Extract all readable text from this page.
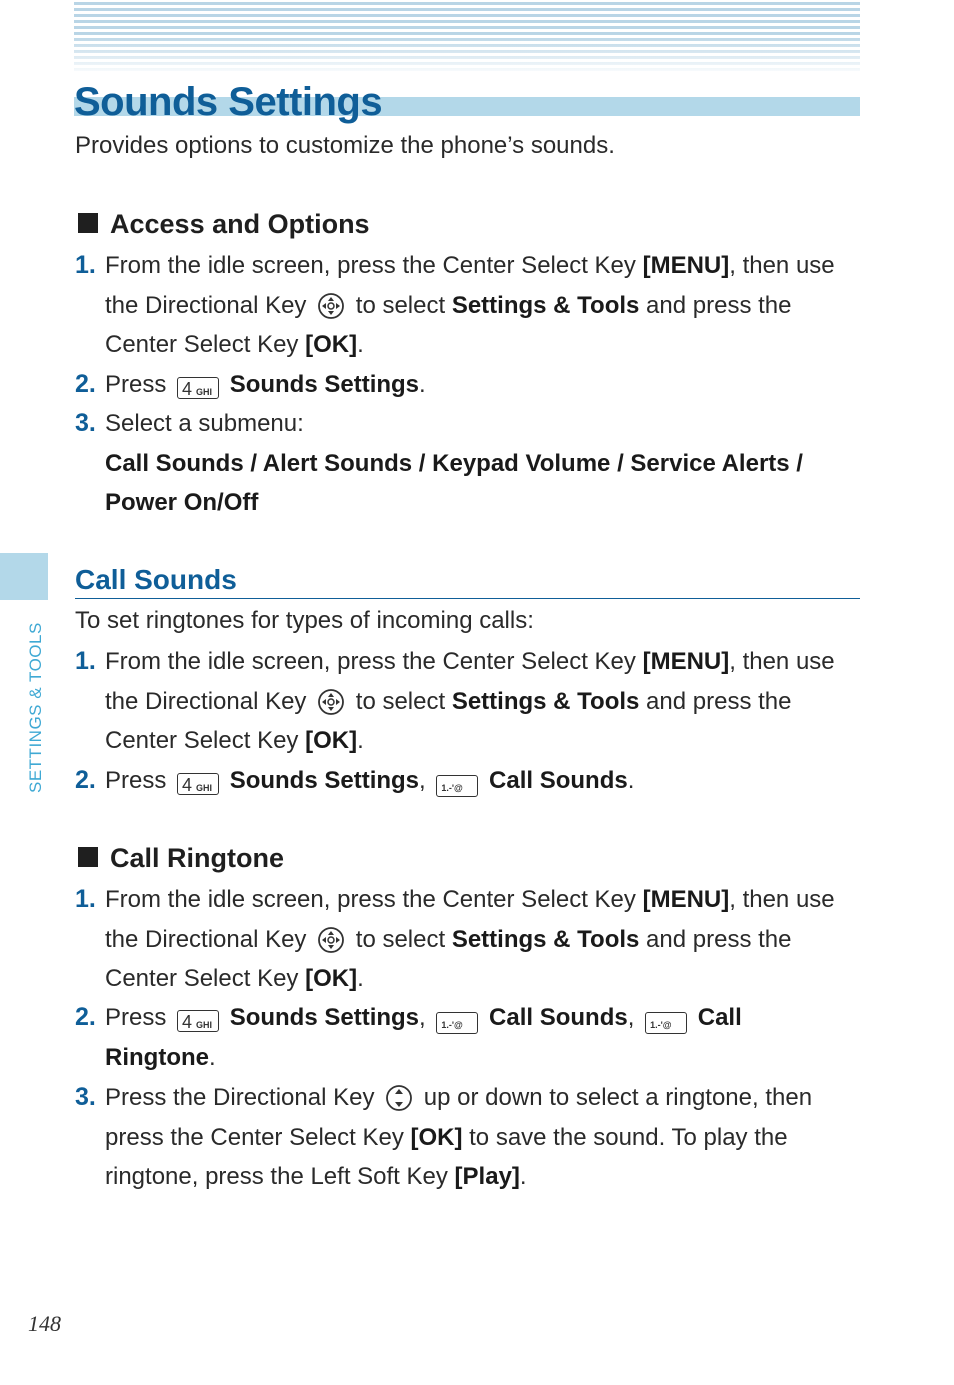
Sounds Settings

Provides options to customize the phone’s sounds.

Access and Options
1. From the idle screen, press the Center Select Key [MENU], then use the Directional Key  to select Settings & Tools and press the Center Select Key [OK].
2. Press 4 GHI Sounds Settings.
3. Select a submenu:
Call Sounds / Alert Sounds / Keypad Volume / Service Alerts / Power On/Off
Call Sounds

To set ringtones for types of incoming calls:

1. From the idle screen, press the Center Select Key [MENU], then use the Directional Key  to select Settings & Tools and press the Center Select Key [OK].
2. Press 4 GHI Sounds Settings, 1.-'@ Call Sounds.
Call Ringtone
1. From the idle screen, press the Center Select Key [MENU], then use the Directional Key  to select Settings & Tools and press the Center Select Key [OK].
2. Press 4 GHI Sounds Settings, 1.-'@ Call Sounds, 1.-'@ Call Ringtone.
3. Press the Directional Key  up or down to select a ringtone, then press the Center Select Key [OK] to save the sound. To play the ringtone, press the Left Soft Key [Play].
SETTINGS & TOOLS
148
